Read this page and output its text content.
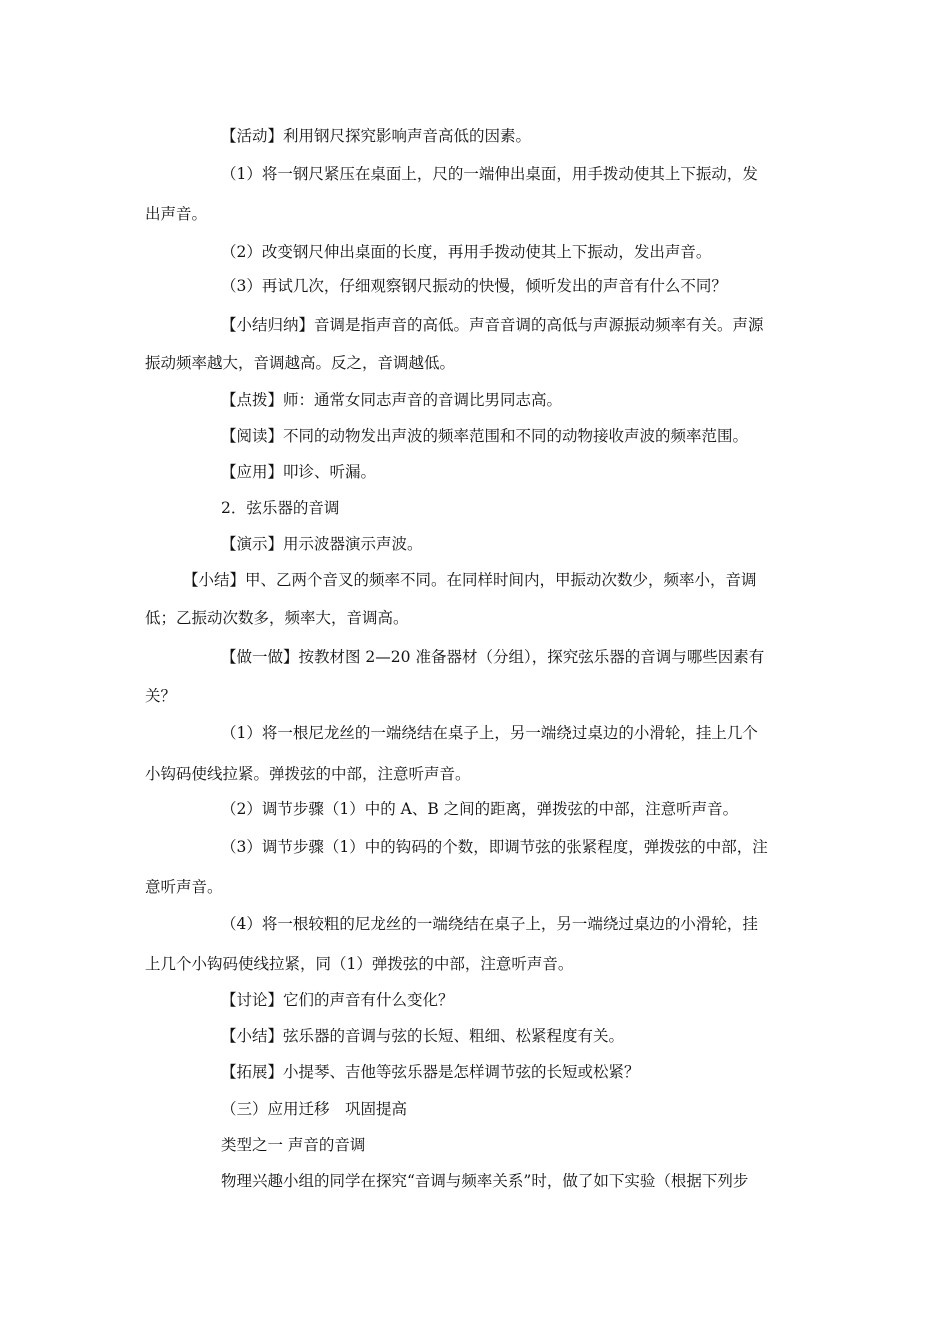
【活动】利用钢尺探究影响声音高低的因素。
（1）将一钢尺紧压在桌面上，尺的一端伸出桌面，用手拨动使其上下振动，发
出声音。
（2）改变钢尺伸出桌面的长度，再用手拨动使其上下振动，发出声音。
（3）再试几次，仔细观察钢尺振动的快慢，倾听发出的声音有什么不同？
【小结归纳】音调是指声音的高低。声音音调的高低与声源振动频率有关。声源
振动频率越大，音调越高。反之，音调越低。
【点拨】师：通常女同志声音的音调比男同志高。
【阅读】不同的动物发出声波的频率范围和不同的动物接收声波的频率范围。
【应用】叩诊、听漏。
2．弦乐器的音调
【演示】用示波器演示声波。
【小结】甲、乙两个音叉的频率不同。在同样时间内，甲振动次数少，频率小，音调
低；乙振动次数多，频率大，音调高。
【做一做】按教材图 2—20 准备器材（分组），探究弦乐器的音调与哪些因素有
关？
（1）将一根尼龙丝的一端绕结在桌子上，另一端绕过桌边的小滑轮，挂上几个
小钩码使线拉紧。弹拨弦的中部，注意听声音。
（2）调节步骤（1）中的 A、B 之间的距离，弹拨弦的中部，注意听声音。
（3）调节步骤（1）中的钩码的个数，即调节弦的张紧程度，弹拨弦的中部，注
意听声音。
（4）将一根较粗的尼龙丝的一端绕结在桌子上，另一端绕过桌边的小滑轮，挂
上几个小钩码使线拉紧，同（1）弹拨弦的中部，注意听声音。
【讨论】它们的声音有什么变化？
【小结】弦乐器的音调与弦的长短、粗细、松紧程度有关。
【拓展】小提琴、吉他等弦乐器是怎样调节弦的长短或松紧？
（三）应用迁移　巩固提高
类型之一 声音的音调
物理兴趣小组的同学在探究“音调与频率关系”时，做了如下实验（根据下列步
